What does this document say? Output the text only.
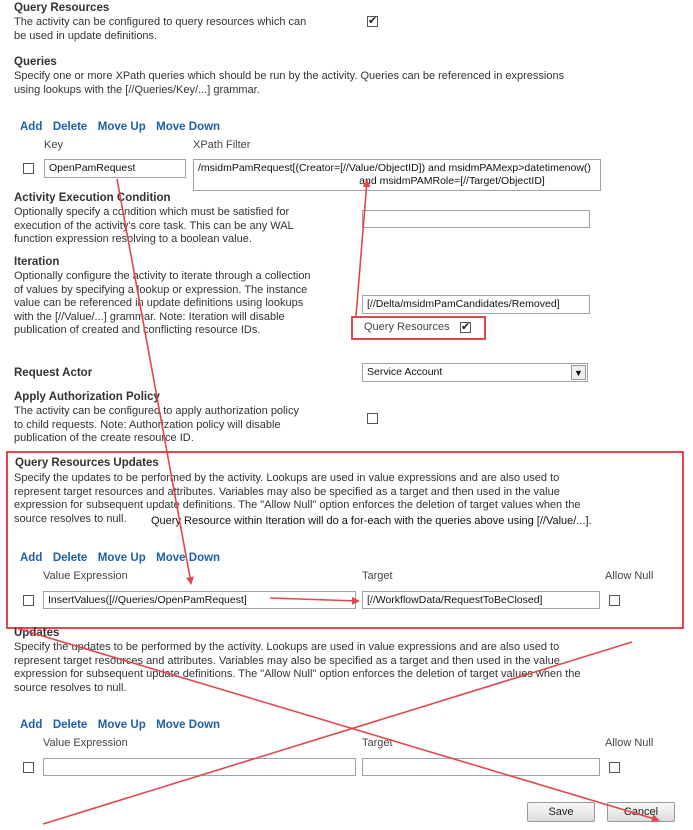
Query Resources
The activity can be configured to query resources which can be used in update definitions.
✔
Queries
Specify one or more XPath queries which should be run by the activity. Queries can be referenced in expressions using lookups with the [//Queries/Key/...] grammar.
Add Delete Move Up Move Down
Key	XPath Filter
OpenPamRequest	/msidmPamRequest[(Creator=[//Value/ObjectID]) and msidmPAMexp>datetimenow()
and msidmPAMRole=[//Target/ObjectID]
Activity Execution Condition
Optionally specify a condition which must be satisfied for execution of the activity's core task. This can be any WAL function expression resolving to a boolean value.
Iteration
Optionally configure the activity to iterate through a collection of values by specifying a lookup or expression. The instance value can be referenced in update definitions using lookups with the [//Value/...] grammar. Note: Iteration will disable publication of created and conflicting resource IDs.
[//Delta/msidmPamCandidates/Removed]
Query Resources
✔
Request Actor	Service Account	▼
Apply Authorization Policy
The activity can be configured to apply authorization policy to child requests. Note: Authorization policy will disable publication of the create resource ID.
Query Resources Updates
Specify the updates to be performed by the activity. Lookups are used in value expressions and are also used to represent target resources and attributes. Variables may also be specified as a target and then used in the value expression for subsequent update definitions. The "Allow Null" option enforces the deletion of target values when the source resolves to null.	Query Resource within Iteration will do a for-each with the queries above using [//Value/...].
Add Delete Move Up Move Down
Value Expression	Target	Allow Null
InsertValues([//Queries/OpenPamRequest]	[//WorkflowData/RequestToBeClosed]
Updates
Specify the updates to be performed by the activity. Lookups are used in value expressions and are also used to represent target resources and attributes. Variables may also be specified as a target and then used in the value expression for subsequent update definitions. The "Allow Null" option enforces the deletion of target values when the source resolves to null.
Add Delete Move Up Move Down
Value Expression	Target	Allow Null
Save	Cancel
